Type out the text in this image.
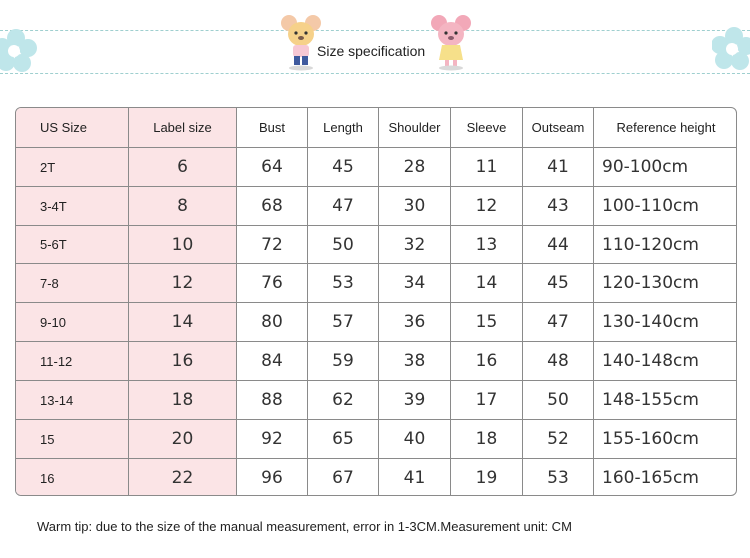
Size specification
US Size	Label size	Bust	Length	Shoulder	Sleeve	Outseam	Reference height
2T	6	64	45	28	11	41	90-100cm
3-4T	8	68	47	30	12	43	100-110cm
5-6T	10	72	50	32	13	44	110-120cm
7-8	12	76	53	34	14	45	120-130cm
9-10	14	80	57	36	15	47	130-140cm
11-12	16	84	59	38	16	48	140-148cm
13-14	18	88	62	39	17	50	148-155cm
15	20	92	65	40	18	52	155-160cm
16	22	96	67	41	19	53	160-165cm
Warm tip: due to the size of the manual measurement, error in 1-3CM.Measurement unit: CM
